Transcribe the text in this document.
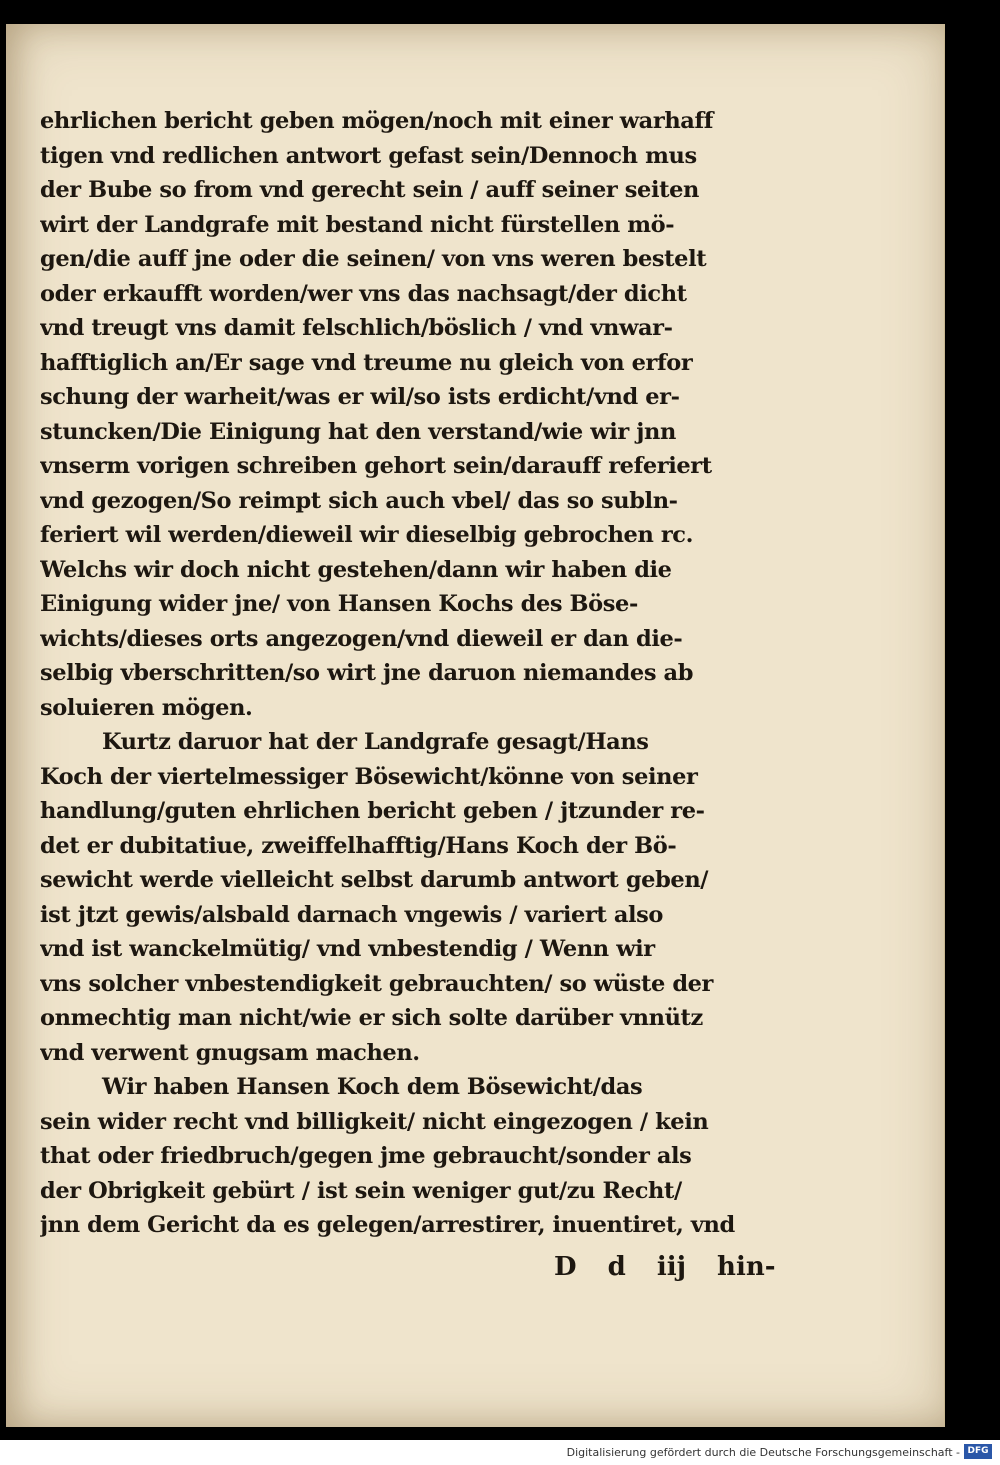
ehrlichen bericht geben mögen/noch mit einer warhaff
tigen vnd redlichen antwort gefast sein/Dennoch mus
der Bube so from vnd gerecht sein / auff seiner seiten
wirt der Landgrafe mit bestand nicht fürstellen mö-
gen/die auff jne oder die seinen/ von vns weren bestelt
oder erkaufft worden/wer vns das nachsagt/der dicht
vnd treugt vns damit felschlich/böslich / vnd vnwar-
hafftiglich an/Er sage vnd treume nu gleich von erfor
schung der warheit/was er wil/so ists erdicht/vnd er-
stuncken/Die Einigung hat den verstand/wie wir jnn
vnserm vorigen schreiben gehort sein/darauff referiert
vnd gezogen/So reimpt sich auch vbel/ das so subln-
feriert wil werden/dieweil wir dieselbig gebrochen rc.
Welchs wir doch nicht gestehen/dann wir haben die
Einigung wider jne/ von Hansen Kochs des Böse-
wichts/dieses orts angezogen/vnd dieweil er dan die-
selbig vberschritten/so wirt jne daruon niemandes ab
soluieren mögen.
Kurtz daruor hat der Landgrafe gesagt/Hans
Koch der viertelmessiger Bösewicht/könne von seiner
handlung/guten ehrlichen bericht geben / jtzunder re-
det er dubitatiue, zweiffelhafftig/Hans Koch der Bö-
sewicht werde vielleicht selbst darumb antwort geben/
ist jtzt gewis/alsbald darnach vngewis / variert also
vnd ist wanckelmütig/ vnd vnbestendig / Wenn wir
vns solcher vnbestendigkeit gebrauchten/ so wüste der
onmechtig man nicht/wie er sich solte darüber vnnütz
vnd verwent gnugsam machen.
Wir haben Hansen Koch dem Bösewicht/das
sein wider recht vnd billigkeit/ nicht eingezogen / kein
that oder friedbruch/gegen jme gebraucht/sonder als
der Obrigkeit gebürt / ist sein weniger gut/zu Recht/
jnn dem Gericht da es gelegen/arrestirer, inuentiret, vnd
D d iij hin-
Digitalisierung gefördert durch die Deutsche Forschungsgemeinschaft - DFG
